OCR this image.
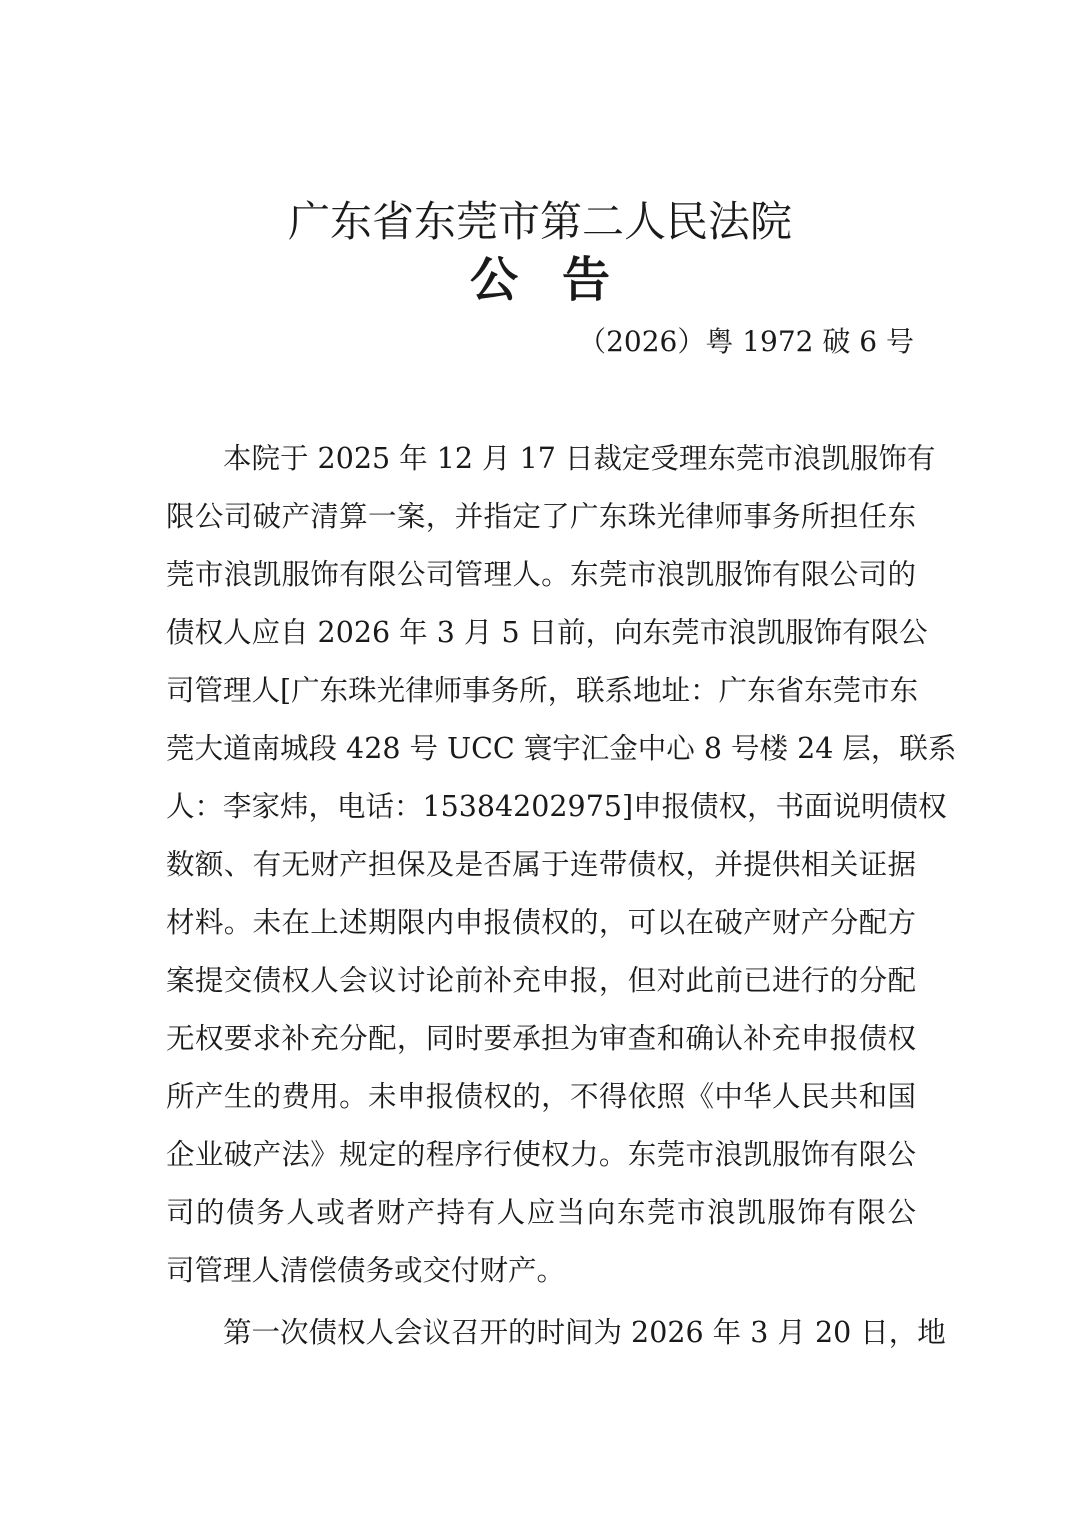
广东省东莞市第二人民法院
公告
（2026）粤 1972 破 6 号
本院于 2025 年 12 月 17 日裁定受理东莞市浪凯服饰有
限公司破产清算一案，并指定了广东珠光律师事务所担任东
莞市浪凯服饰有限公司管理人。东莞市浪凯服饰有限公司的
债权人应自 2026 年 3 月 5 日前，向东莞市浪凯服饰有限公
司管理人[广东珠光律师事务所，联系地址：广东省东莞市东
莞大道南城段 428 号 UCC 寰宇汇金中心 8 号楼 24 层，联系
人：李家炜，电话：15384202975]申报债权，书面说明债权
数额、有无财产担保及是否属于连带债权，并提供相关证据
材料。未在上述期限内申报债权的，可以在破产财产分配方
案提交债权人会议讨论前补充申报，但对此前已进行的分配
无权要求补充分配，同时要承担为审查和确认补充申报债权
所产生的费用。未申报债权的，不得依照《中华人民共和国
企业破产法》规定的程序行使权力。东莞市浪凯服饰有限公
司的债务人或者财产持有人应当向东莞市浪凯服饰有限公
司管理人清偿债务或交付财产。
第一次债权人会议召开的时间为 2026 年 3 月 20 日，地
